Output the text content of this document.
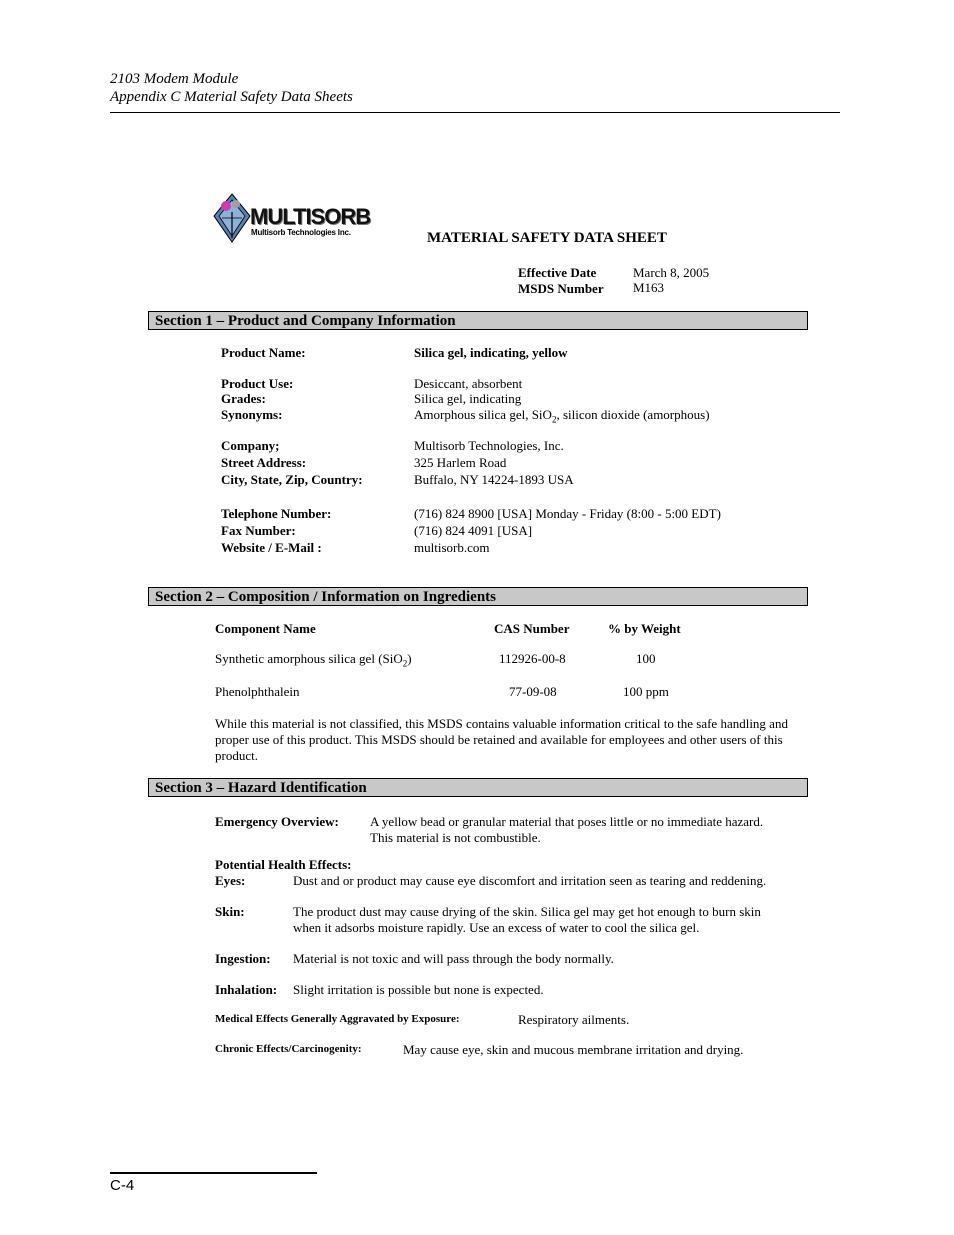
2103 Modem Module
Appendix C Material Safety Data Sheets
MULTISORB
Multisorb Technologies Inc.	MATERIAL SAFETY DATA SHEET
Effective Date	March 8, 2005
MSDS Number M163
Section 1 – Product and Company Information
Product Name:	Silica gel, indicating, yellow
Product Use:	Desiccant, absorbent
Grades:	Silica gel, indicating
Synonyms:	Amorphous silica gel, SiO$_2$, silicon dioxide (amorphous)
Company;	Multisorb Technologies, Inc.
Street Address:	325 Harlem Road
City, State, Zip, Country:	Buffalo, NY 14224-1893 USA
Telephone Number:	(716) 824 8900 [USA] Monday - Friday (8:00 - 5:00 EDT)
Fax Number:	(716) 824 4091 [USA]
Website / E-Mail :	multisorb.com
Section 2 – Composition / Information on Ingredients
Component Name	CAS Number	% by Weight
Synthetic amorphous silica gel (SiO$_2$)	112926-00-8	100
Phenolphthalein	77-09-08	100 ppm
While this material is not classified, this MSDS contains valuable information critical to the safe handling and proper use of this product. This MSDS should be retained and available for employees and other users of this product.
Section 3 – Hazard Identification
Emergency Overview: A yellow bead or granular material that poses little or no immediate hazard.
This material is not combustible.
Potential Health Effects:
Eyes:	Dust and or product may cause eye discomfort and irritation seen as tearing and reddening.
Skin:	The product dust may cause drying of the skin. Silica gel may get hot enough to burn skin
when it adsorbs moisture rapidly. Use an excess of water to cool the silica gel.
Ingestion: Material is not toxic and will pass through the body normally.
Inhalation: Slight irritation is possible but none is expected.
Medical Effects Generally Aggravated by Exposure:	Respiratory ailments.
Chronic Effects/Carcinogenity:	May cause eye, skin and mucous membrane irritation and drying.
C-4
